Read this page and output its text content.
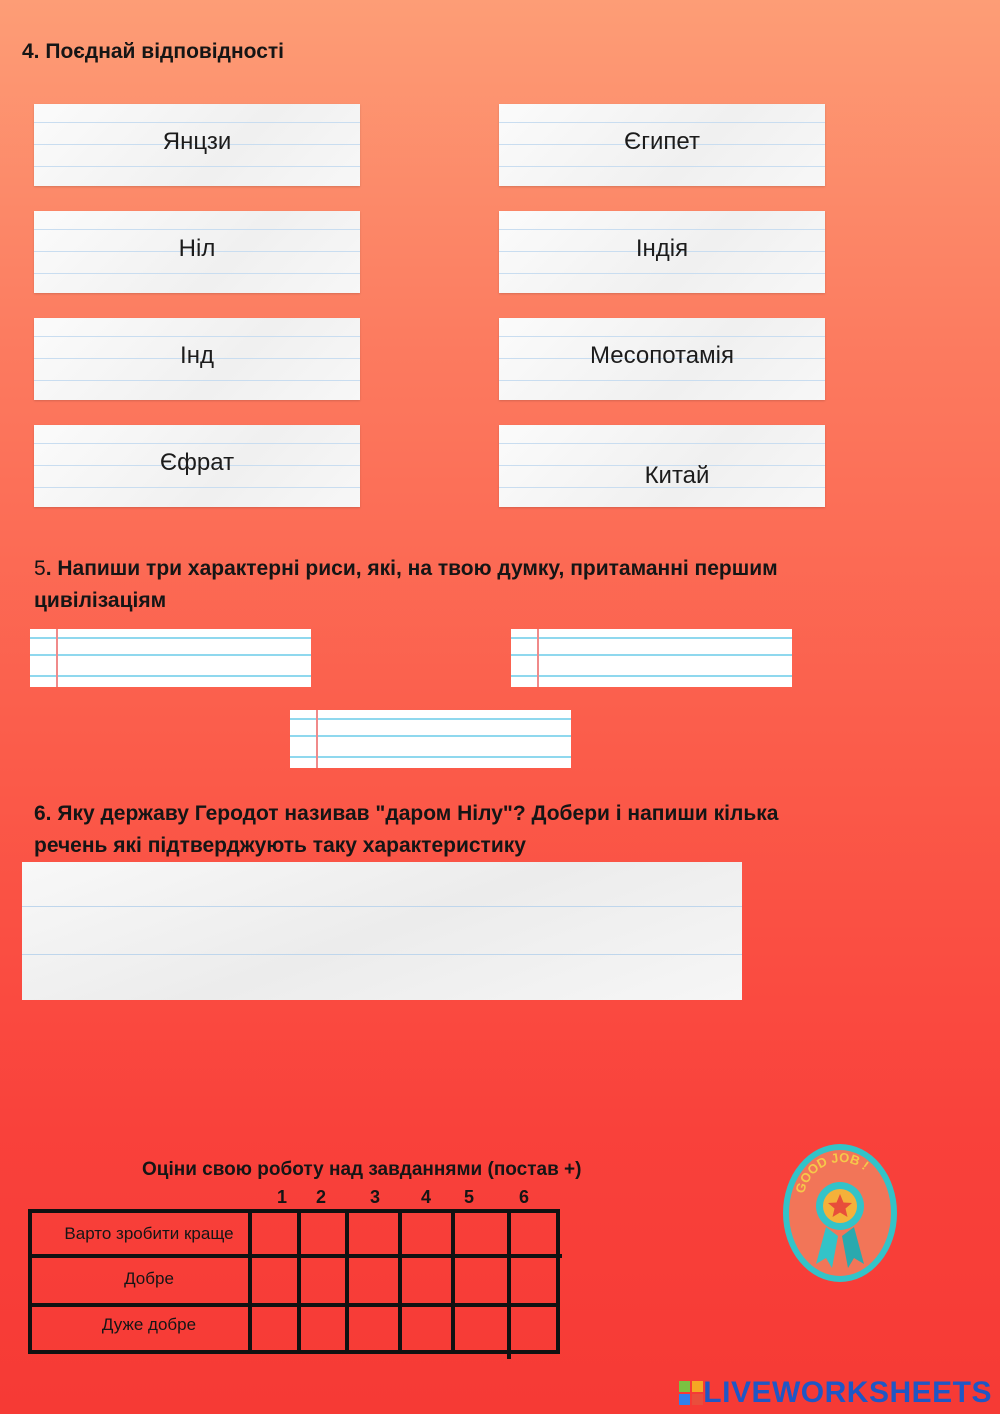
4. Поєднай відповідності
Янцзи
Ніл
Інд
Єфрат
Єгипет
Індія
Месопотамія
Китай
5. Напиши три характерні риси, які, на твою думку, притаманні першим цивілізаціям
6. Яку державу Геродот називав "даром Нілу"? Добери і напиши кілька речень які підтверджують таку характеристику
Оціни свою роботу над завданнями (постав +)
1 2 3 4 5 6
Варто зробити краще
Добре
Дуже добре
GOOD JOB !
LIVEWORKSHEETS
